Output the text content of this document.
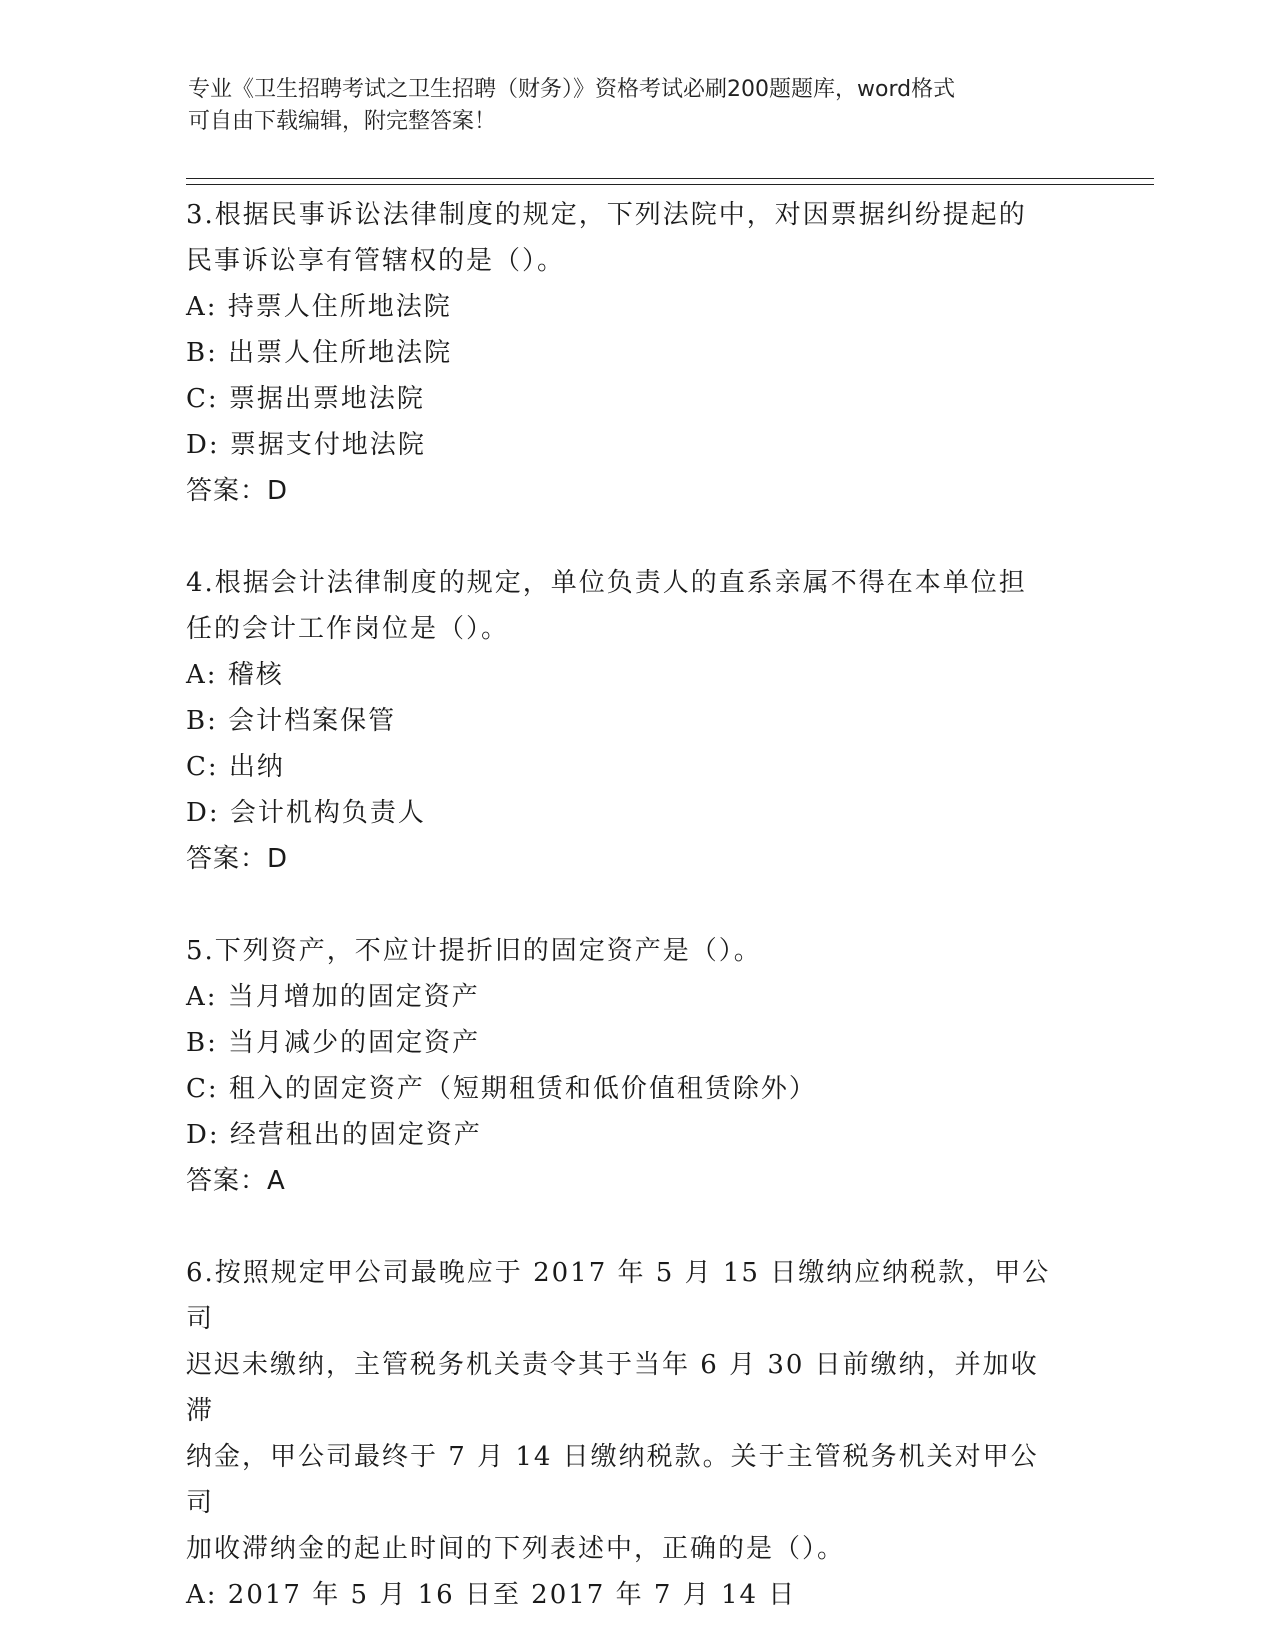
专业《卫生招聘考试之卫生招聘（财务）》资格考试必刷200题题库，word格式
可自由下载编辑，附完整答案！

3.根据民事诉讼法律制度的规定，下列法院中，对因票据纠纷提起的
民事诉讼享有管辖权的是（）。

A: 持票人住所地法院

B: 出票人住所地法院

C: 票据出票地法院

D: 票据支付地法院

答案：D

4.根据会计法律制度的规定，单位负责人的直系亲属不得在本单位担
任的会计工作岗位是（）。

A: 稽核

B: 会计档案保管

C: 出纳

D: 会计机构负责人

答案：D

5.下列资产，不应计提折旧的固定资产是（）。

A: 当月增加的固定资产

B: 当月减少的固定资产

C: 租入的固定资产（短期租赁和低价值租赁除外）

D: 经营租出的固定资产

答案：A

6.按照规定甲公司最晚应于 2017 年 5 月 15 日缴纳应纳税款，甲公司
迟迟未缴纳，主管税务机关责令其于当年 6 月 30 日前缴纳，并加收滞
纳金，甲公司最终于 7 月 14 日缴纳税款。关于主管税务机关对甲公司
加收滞纳金的起止时间的下列表述中，正确的是（）。

A: 2017 年 5 月 16 日至 2017 年 7 月 14 日
